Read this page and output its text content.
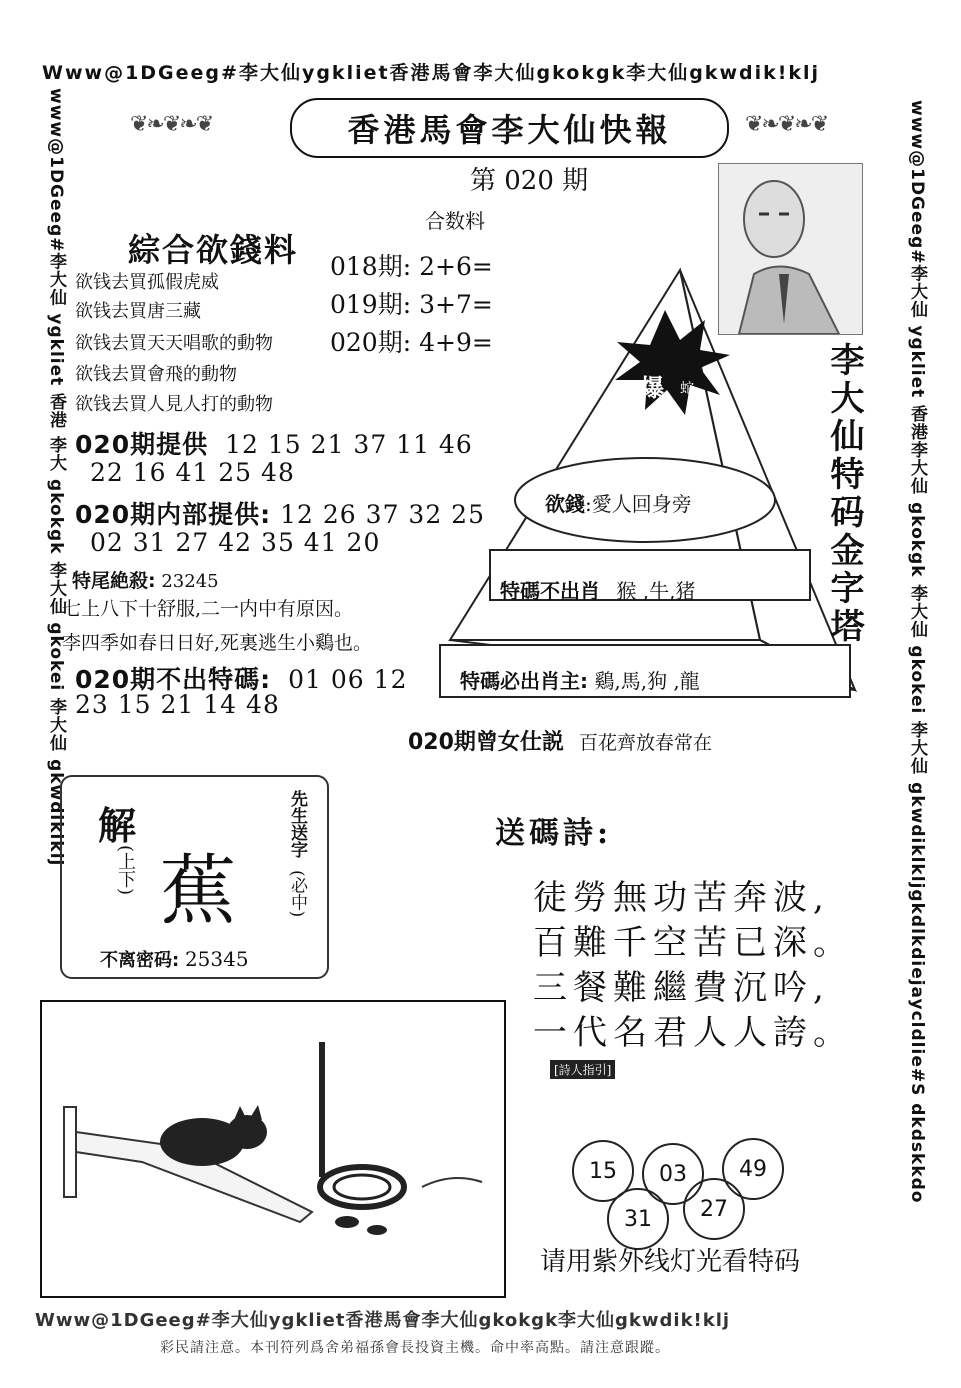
Www@1DGeeg#李大仙ygkliet香港馬會李大仙gkokgk李大仙gkwdik!klj
www@1DGeeg#李大仙 ygkliet 香港 李大 gkokgk 李大仙 gkokei 李大仙 gkwdiklklj	www@1DGeeg#李大仙 ygkliet 香港李大仙 gkokgk 李大仙 gkokei 李大仙 gkwdiklkljgkdlkdiejaycldlie#S dkdskkdo
❦❧❦❧❦	香港馬會李大仙快報	❦❧❦❧❦
第 020 期
合数料
018期: 2+6=
019期: 3+7=
020期: 4+9=
綜合欲錢料
欲钱去買孤假虎威
欲钱去買唐三藏
欲钱去買天天唱歌的動物
欲钱去買會飛的動物
欲钱去買人見人打的動物
020期提供 12 15 21 37 11 46
22 16 41 25 48
020期内部提供: 12 26 37 32 25
02 31 27 42 35 41 20
特尾絶殺: 23245
七上八下十舒服,二一内中有原因。
李四季如春日日好,死裏逃生小鷄也。
020期不出特碼: 01 06 12
23 15 21 14 48
李大仙特码金字塔
爆 蛇
欲錢:愛人回身旁
特碼不出肖 猴 ,牛,猪
特碼必出肖主: 鷄,馬,狗 ,龍
020期曾女仕説 百花齊放春常在
解
(上下) 蕉
先生送字
(必中)
不离密码: 25345
送碼詩:
徒勞無功苦奔波,
百難千空苦已深。
三餐難繼費沉吟,
一代名君人人誇。
[詩人指引]
15	03	49
31	27
请用紫外线灯光看特码
Www@1DGeeg#李大仙ygkliet香港馬會李大仙gkokgk李大仙gkwdik!klj
彩民請注意。本刊符列爲舍弟福孫會長投資主機。命中率高點。請注意跟蹤。
